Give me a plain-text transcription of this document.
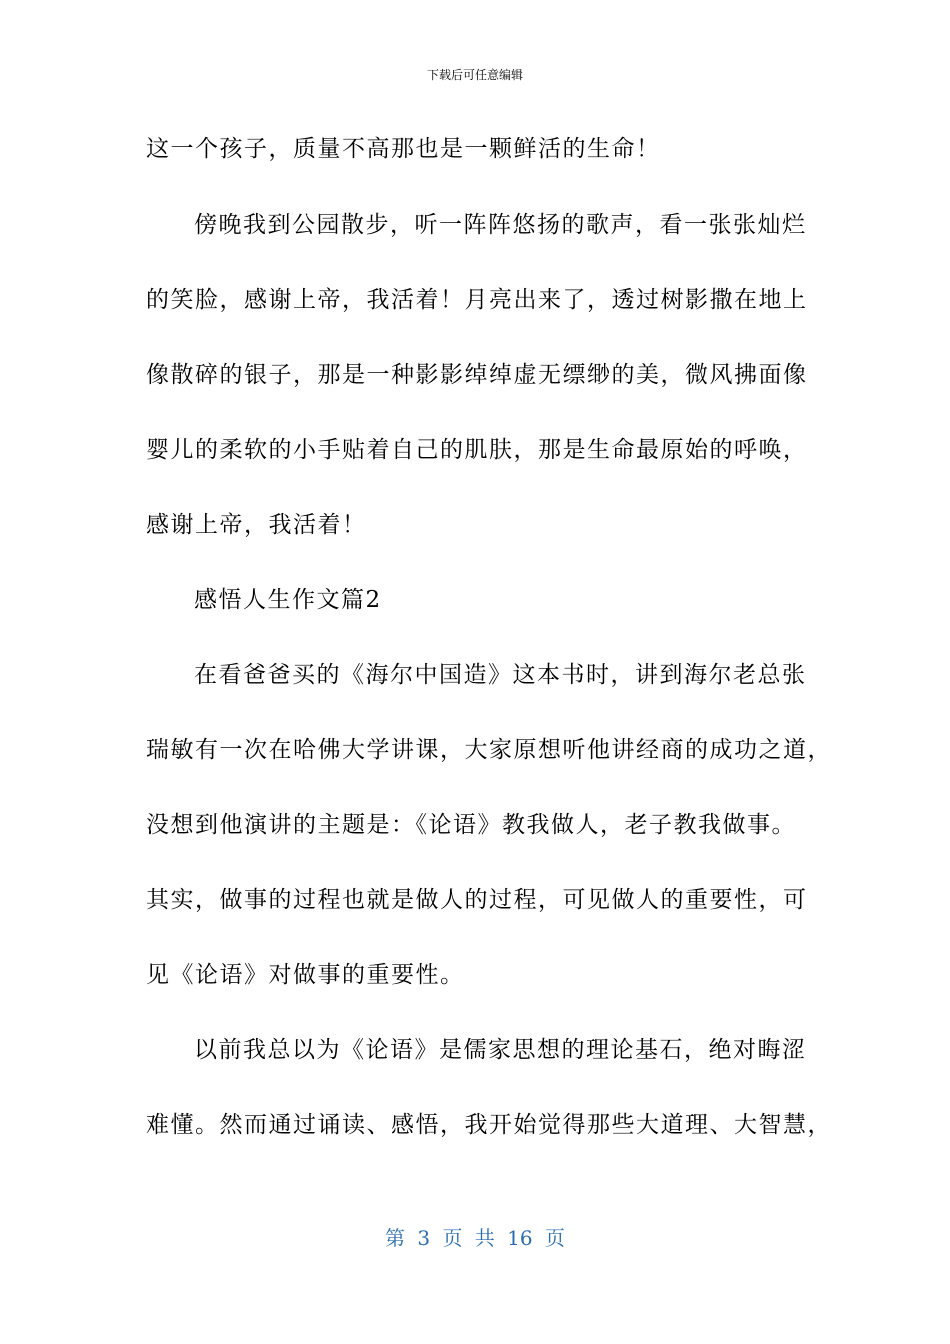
下载后可任意编辑

这一个孩子，质量不高那也是一颗鲜活的生命！

傍晚我到公园散步，听一阵阵悠扬的歌声，看一张张灿烂

的笑脸，感谢上帝，我活着！月亮出来了，透过树影撒在地上

像散碎的银子，那是一种影影绰绰虚无缥缈的美，微风拂面像

婴儿的柔软的小手贴着自己的肌肤，那是生命最原始的呼唤，

感谢上帝，我活着！

感悟人生作文篇2

在看爸爸买的《海尔中国造》这本书时，讲到海尔老总张

瑞敏有一次在哈佛大学讲课，大家原想听他讲经商的成功之道，

没想到他演讲的主题是：《论语》教我做人，老子教我做事。

其实，做事的过程也就是做人的过程，可见做人的重要性，可

见《论语》对做事的重要性。

以前我总以为《论语》是儒家思想的理论基石，绝对晦涩

难懂。然而通过诵读、感悟，我开始觉得那些大道理、大智慧，

第 3 页 共 16 页
